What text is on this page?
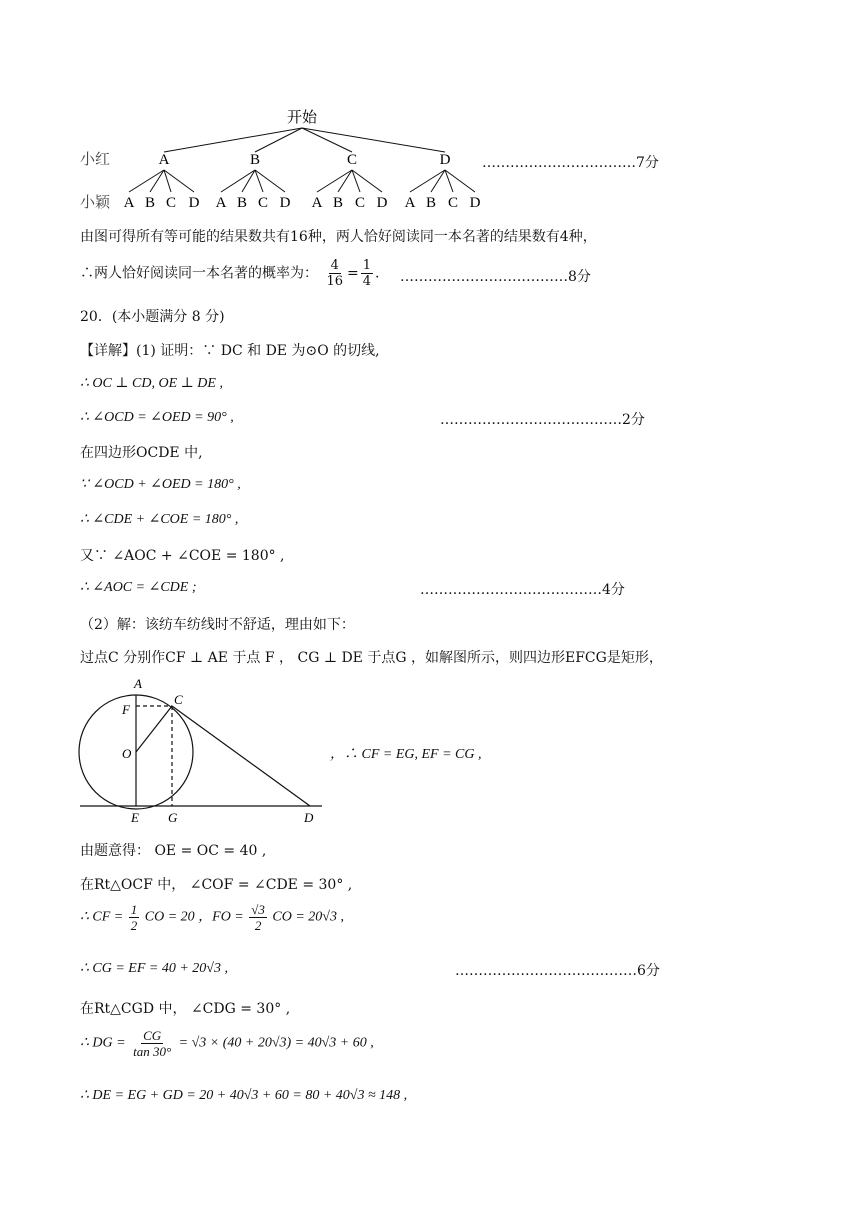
开始
小红	A	B	C	D
小颖 A B C D A B C D A B C D A B C D
……………………………7分
由图可得所有等可能的结果数共有16种，两人恰好阅读同一本名著的结果数有4种，
∴两人恰好阅读同一本名著的概率为： $\frac{4}{16} = \frac{1}{4}$ . ………………………………8分
20．(本小题满分 8 分)
【详解】(1) 证明：∵ DC 和 DE 为⊙O 的切线,
∴ OC ⊥ CD, OE ⊥ DE ,
∴ ∠OCD = ∠OED = 90° ,	…………………………………2分
在四边形OCDE 中,
∵ ∠OCD + ∠OED = 180° ,
∴ ∠CDE + ∠COE = 180° ,
又∵ ∠AOC + ∠COE = 180° ,
∴ ∠AOC = ∠CDE ;	…………………………………4分
（2）解：该纺车纺线时不舒适，理由如下：
过点C 分别作CF ⊥ AE 于点 F ， CG ⊥ DE 于点G ，如解图所示，则四边形EFCG是矩形，
A
C
F
O
E G	D
，∴ CF = EG, EF = CG ,
由题意得： OE = OC = 40 ,
在Rt△OCF 中， ∠COF = ∠CDE = 30° ,
∴ CF = $\frac{1}{2}$ CO = 20 ，FO = $\frac{√3}{2}$ CO = 20√3 ,
∴ CG = EF = 40 + 20√3 ,	…………………………………6分
在Rt△CGD 中， ∠CDG = 30° ,
∴ DG = $\frac{CG}{\tan 30^\circ} = √3 \times (40 + 20√3) = 40√3 + 60$ ,
∴ DE = EG + GD = 20 + 40√3 + 60 = 80 + 40√3 ≈ 148 ,
